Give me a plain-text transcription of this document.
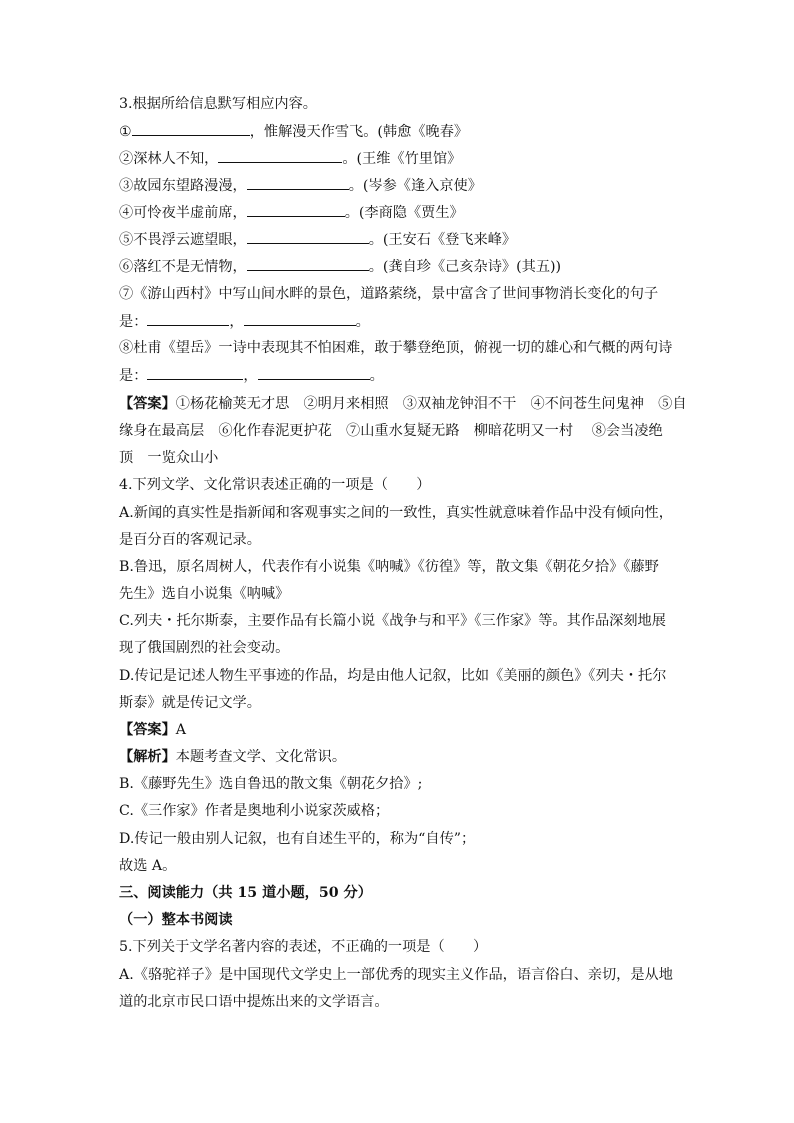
3.根据所给信息默写相应内容。
①	，惟解漫天作雪飞。(韩愈《晚春》
②深林人不知，	。(王维《竹里馆》
③故园东望路漫漫，	。(岑参《逢入京使》
④可怜夜半虚前席，	。(李商隐《贾生》
⑤不畏浮云遮望眼，	。(王安石《登飞来峰》
⑥落红不是无情物，	。(龚自珍《己亥杂诗》(其五))
⑦《游山西村》中写山间水畔的景色，道路萦绕，景中富含了世间事物消长变化的句子
是：	，	。
⑧杜甫《望岳》一诗中表现其不怕困难，敢于攀登绝顶，俯视一切的雄心和气概的两句诗
是：	，	。
【答案】①杨花榆荚无才思　②明月来相照　③双袖龙钟泪不干　④不问苍生问鬼神　⑤自
缘身在最高层　⑥化作春泥更护花　⑦山重水复疑无路　柳暗花明又一村　 ⑧会当凌绝
顶　一览众山小
4.下列文学、文化常识表述正确的一项是（　　）
A.新闻的真实性是指新闻和客观事实之间的一致性，真实性就意味着作品中没有倾向性，
是百分百的客观记录。
B.鲁迅，原名周树人，代表作有小说集《呐喊》《彷徨》等，散文集《朝花夕拾》《藤野
先生》选自小说集《呐喊》
C.列夫・托尔斯泰，主要作品有长篇小说《战争与和平》《三作家》等。其作品深刻地展
现了俄国剧烈的社会变动。
D.传记是记述人物生平事迹的作品，均是由他人记叙，比如《美丽的颜色》《列夫・托尔
斯泰》就是传记文学。
【答案】A
【解析】本题考查文学、文化常识。
B.《藤野先生》选自鲁迅的散文集《朝花夕拾》;
C.《三作家》作者是奥地利小说家茨威格；
D.传记一般由别人记叙，也有自述生平的，称为“自传”；
故选 A。
三、阅读能力（共 15 道小题，50 分）
（一）整本书阅读
5.下列关于文学名著内容的表述，不正确的一项是（　　）
A.《骆驼祥子》是中国现代文学史上一部优秀的现实主义作品，语言俗白、亲切，是从地
道的北京市民口语中提炼出来的文学语言。
